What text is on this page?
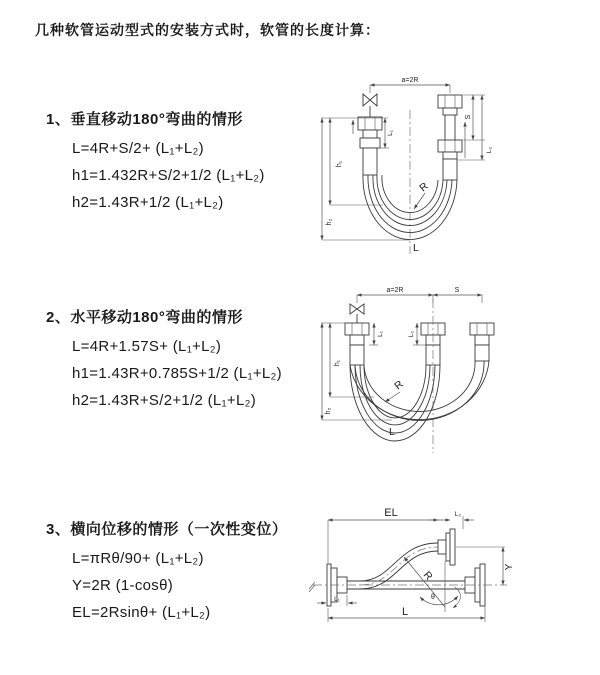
几种软管运动型式的安装方式时，软管的长度计算：
1、垂直移动180°弯曲的情形
L=4R+S/2+ (L₁+L₂)
h1=1.432R+S/2+1/2 (L₁+L₂)
h2=1.43R+1/2 (L₁+L₂)
2、水平移动180°弯曲的情形
L=4R+1.57S+ (L₁+L₂)
h1=1.43R+0.785S+1/2 (L₁+L₂)
h2=1.43R+S/2+1/2 (L₁+L₂)
3、横向位移的情形（一次性变位）
L=πRθ/90+ (L₁+L₂)
Y=2R (1-cosθ)
EL=2Rsinθ+ (L₁+L₂)
a=2R
R
L
h₁
h₂
L₁
S
L₂
a=2R	S
h₁
h₂
L₁	L₂
R
L
EL	L₂
Y
R
θ
L
L₁
